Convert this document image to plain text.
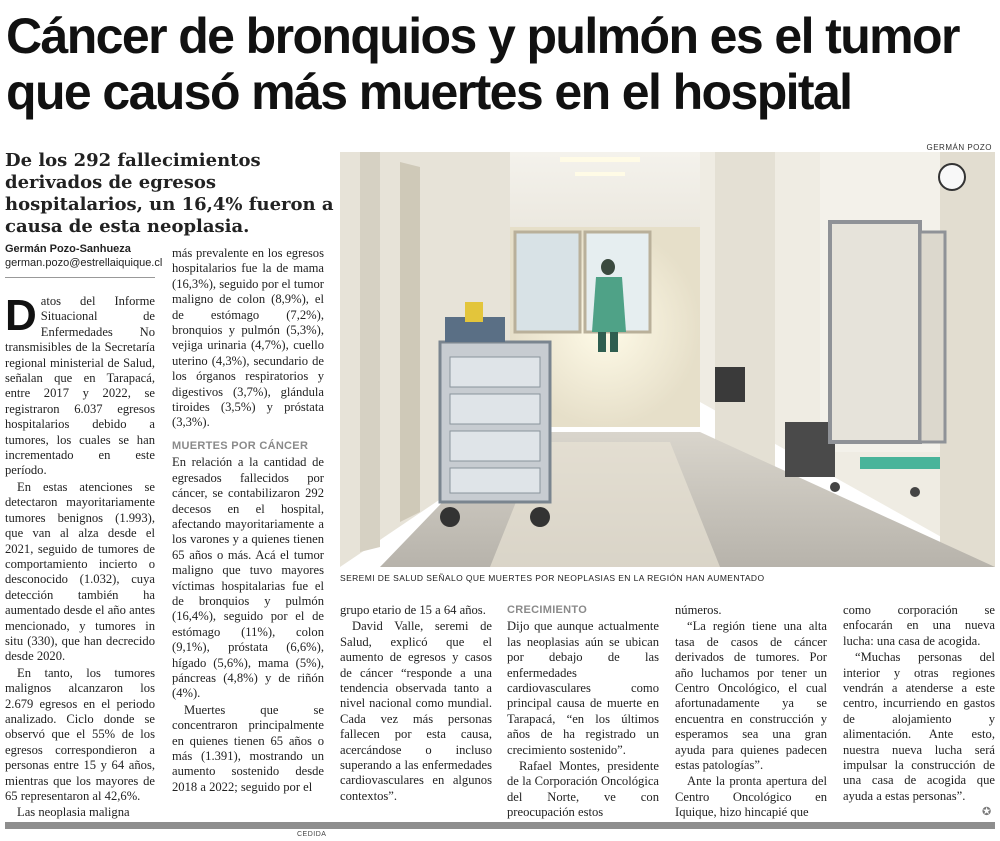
Cáncer de bronquios y pulmón es el tumor
que causó más muertes en el hospital
GERMÁN POZO
De los 292 fallecimientos derivados de egresos hospitalarios, un 16,4% fueron a causa de esta neoplasia.
Germán Pozo-Sanhueza
german.pozo@estrellaiquique.cl

Datos del Informe Situacional de Enfermedades No transmisibles de la Secretaría regional ministerial de Salud, señalan que en Tarapacá, entre 2017 y 2022, se registraron 6.037 egresos hospitalarios debido a tumores, los cuales se han incrementado en este período.

En estas atenciones se detectaron mayoritariamente tumores benignos (1.993), que van al alza desde el 2021, seguido de tumores de comportamiento incierto o desconocido (1.032), cuya detección también ha aumentado desde el año antes mencionado, y tumores in situ (330), que han decrecido desde 2020.

En tanto, los tumores malignos alcanzaron los 2.679 egresos en el periodo analizado. Ciclo donde se observó que el 55% de los egresos correspondieron a personas entre 15 y 64 años, mientras que los mayores de 65 representaron al 42,6%.

Las neoplasia maligna

más prevalente en los egresos hospitalarios fue la de mama (16,3%), seguido por el tumor maligno de colon (8,9%), el de estómago (7,2%), bronquios y pulmón (5,3%), vejiga urinaria (4,7%), cuello uterino (4,3%), secundario de los órganos respiratorios y digestivos (3,7%), glándula tiroides (3,5%) y próstata (3,3%).

MUERTES POR CÁNCER

En relación a la cantidad de egresados fallecidos por cáncer, se contabilizaron 292 decesos en el hospital, afectando mayoritariamente a los varones y a quienes tienen 65 años o más. Acá el tumor maligno que tuvo mayores víctimas hospitalarias fue el de bronquios y pulmón (16,4%), seguido por el de estómago (11%), colon (9,1%), próstata (6,6%), hígado (5,6%), mama (5%), páncreas (4,8%) y de riñón (4%).

Muertes que se concentraron principalmente en quienes tienen 65 años o más (1.391), mostrando un aumento sostenido desde 2018 a 2022; seguido por el

SEREMI DE SALUD SEÑALO QUE MUERTES POR NEOPLASIAS EN LA REGIÓN HAN AUMENTADO

grupo etario de 15 a 64 años.

David Valle, seremi de Salud, explicó que el aumento de egresos y casos de cáncer “responde a una tendencia observada tanto a nivel nacional como mundial. Cada vez más personas fallecen por esta causa, acercándose o incluso superando a las enfermedades cardiovasculares en algunos contextos”.

CRECIMIENTO

Dijo que aunque actualmente las neoplasias aún se ubican por debajo de las enfermedades cardiovasculares como principal causa de muerte en Tarapacá, “en los últimos años de ha registrado un crecimiento sostenido”.

Rafael Montes, presidente de la Corporación Oncológica del Norte, ve con preocupación estos

números.

“La región tiene una alta tasa de casos de cáncer derivados de tumores. Por año luchamos por tener un Centro Oncológico, el cual afortunadamente ya se encuentra en construcción y esperamos sea una gran ayuda para quienes padecen estas patologías”.

Ante la pronta apertura del Centro Oncológico en Iquique, hizo hincapié que

como corporación se enfocarán en una nueva lucha: una casa de acogida.

“Muchas personas del interior y otras regiones vendrán a atenderse a este centro, incurriendo en gastos de alojamiento y alimentación. Ante esto, nuestra nueva lucha será impulsar la construcción de una casa de acogida que ayuda a estas personas”.

✪
CEDIDA
